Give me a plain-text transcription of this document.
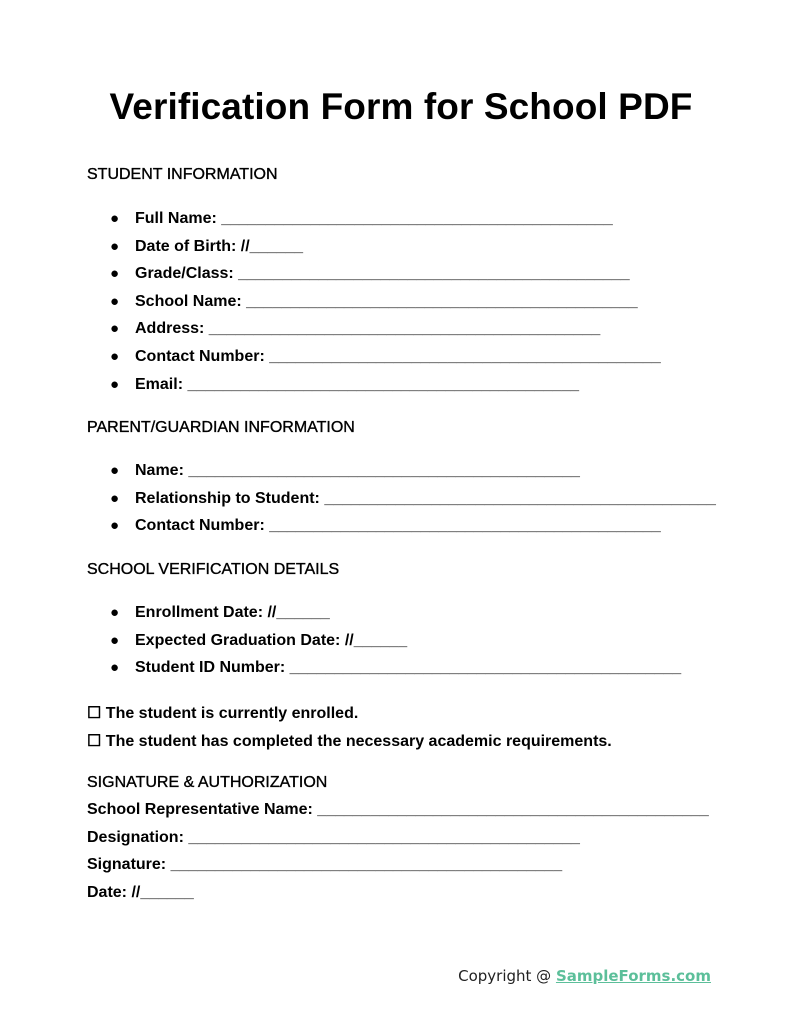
Verification Form for School PDF
STUDENT INFORMATION
● Full Name: ____________________________________________
● Date of Birth: //______
● Grade/Class: ____________________________________________
● School Name: ____________________________________________
● Address: ____________________________________________
● Contact Number: ____________________________________________
● Email: ____________________________________________
PARENT/GUARDIAN INFORMATION
● Name: ____________________________________________
● Relationship to Student: ____________________________________________
● Contact Number: ____________________________________________
SCHOOL VERIFICATION DETAILS
● Enrollment Date: //______
● Expected Graduation Date: //______
● Student ID Number: ____________________________________________
☐ The student is currently enrolled.
☐ The student has completed the necessary academic requirements.
SIGNATURE & AUTHORIZATION
School Representative Name: ____________________________________________
Designation: ____________________________________________
Signature: ____________________________________________
Date: //______
Copyright @ SampleForms.com
